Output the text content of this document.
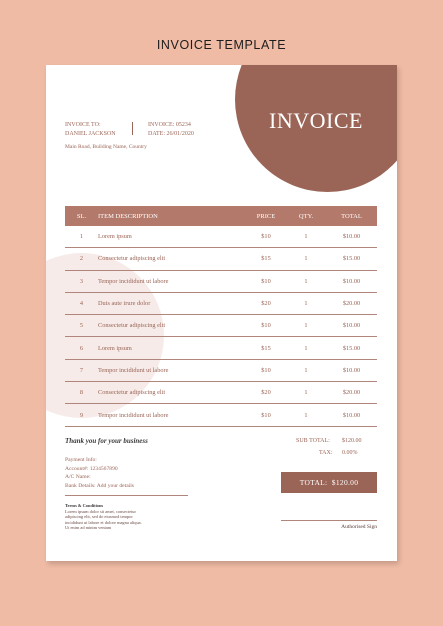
INVOICE TEMPLATE
INVOICE
INVOICE TO:
DANIEL JACKSON
INVOICE: 05234
DATE: 26/01/2020
Main Road, Building Name, Country
SL.	ITEM DESCRIPTION	PRICE	QTY.	TOTAL
1	Lorem ipsum	$10	1	$10.00
2	Consectetur adipiscing elit	$15	1	$15.00
3	Tempor incididunt ut labore	$10	1	$10.00
4	Duis aute irure dolor	$20	1	$20.00
5	Consectetur adipiscing elit	$10	1	$10.00
6	Lorem ipsum	$15	1	$15.00
7	Tempor incididunt ut labore	$10	1	$10.00
8	Consectetur adipiscing elit	$20	1	$20.00
9	Tempor incididunt ut labore	$10	1	$10.00
Thank you for your business
Payment Info:
Account#: 1234567890
A/C Name:
Bank Details: Add your details
Terms & Conditions
Lorem ipsum dolor sit amet, consectetur
adipiscing elit, sed do eiusmod tempor
incididunt ut labore et dolore magna aliqua.
Ut enim ad minim veniam
SUB TOTAL: $120.00
TAX: 0.00%
TOTAL:
$120.00
Authorised Sign
